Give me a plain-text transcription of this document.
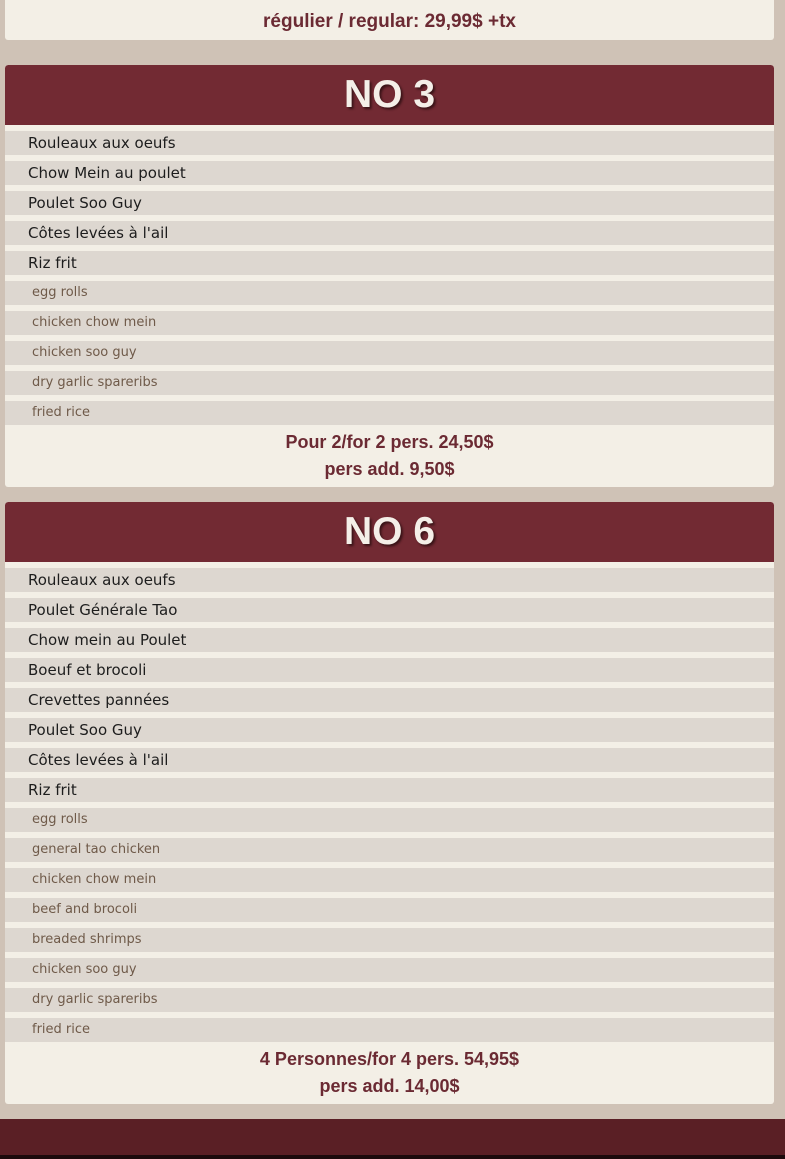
régulier / regular: 29,99$ +tx
NO 3
Rouleaux aux oeufs
Chow Mein au poulet
Poulet Soo Guy
Côtes levées à l'ail
Riz frit
egg rolls
chicken chow mein
chicken soo guy
dry garlic spareribs
fried rice
Pour 2/for 2 pers. 24,50$
pers add. 9,50$
NO 6
Rouleaux aux oeufs
Poulet Générale Tao
Chow mein au Poulet
Boeuf et brocoli
Crevettes pannées
Poulet Soo Guy
Côtes levées à l'ail
Riz frit
egg rolls
general tao chicken
chicken chow mein
beef and brocoli
breaded shrimps
chicken soo guy
dry garlic spareribs
fried rice
4 Personnes/for 4 pers. 54,95$
pers add. 14,00$
